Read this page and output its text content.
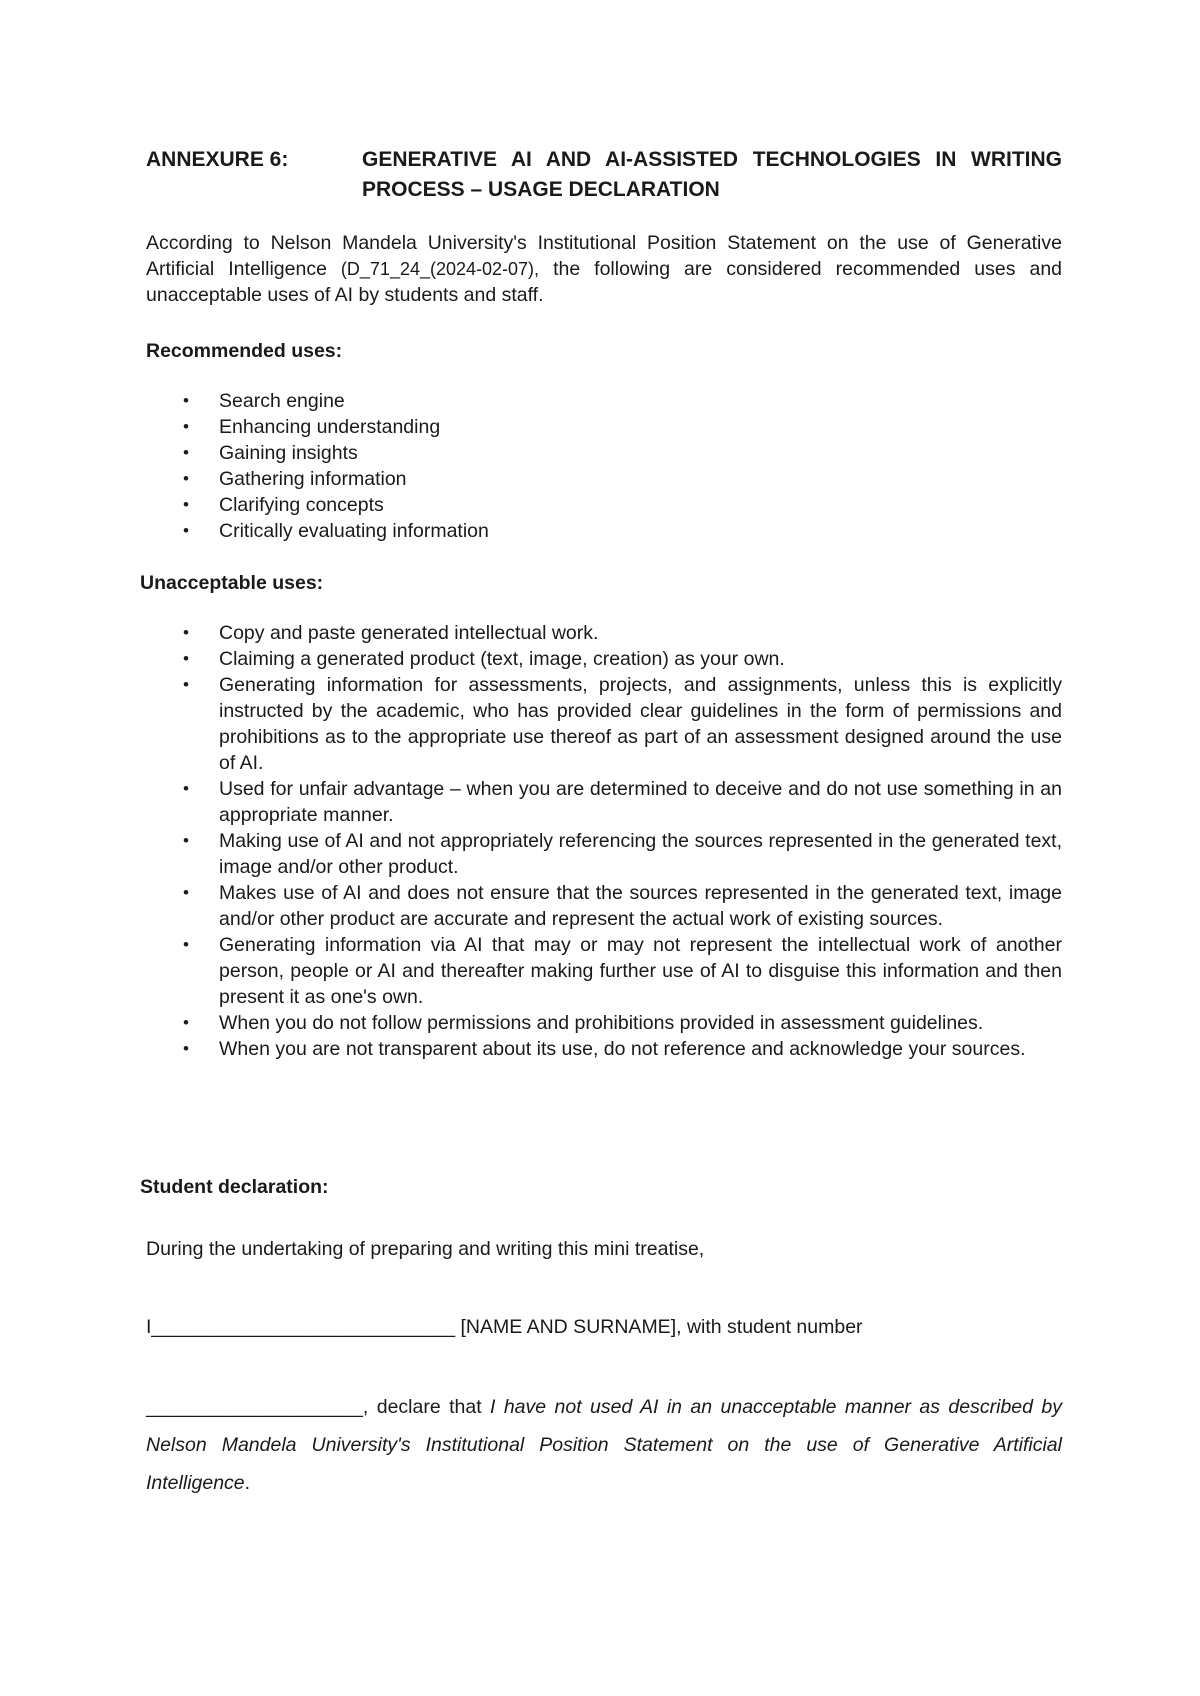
ANNEXURE 6:	GENERATIVE AI AND AI-ASSISTED TECHNOLOGIES IN WRITING PROCESS – USAGE DECLARATION

According to Nelson Mandela University's Institutional Position Statement on the use of Generative Artificial Intelligence (D_71_24_(2024-02-07), the following are considered recommended uses and unacceptable uses of AI by students and staff.

Recommended uses:

• Search engine
• Enhancing understanding
• Gaining insights
• Gathering information
• Clarifying concepts
• Critically evaluating information

Unacceptable uses:

• Copy and paste generated intellectual work.
• Claiming a generated product (text, image, creation) as your own.
• Generating information for assessments, projects, and assignments, unless this is explicitly instructed by the academic, who has provided clear guidelines in the form of permissions and prohibitions as to the appropriate use thereof as part of an assessment designed around the use of AI.
• Used for unfair advantage – when you are determined to deceive and do not use something in an appropriate manner.
• Making use of AI and not appropriately referencing the sources represented in the generated text, image and/or other product.
• Makes use of AI and does not ensure that the sources represented in the generated text, image and/or other product are accurate and represent the actual work of existing sources.
• Generating information via AI that may or may not represent the intellectual work of another person, people or AI and thereafter making further use of AI to disguise this information and then present it as one's own.
• When you do not follow permissions and prohibitions provided in assessment guidelines.
• When you are not transparent about its use, do not reference and acknowledge your sources.

Student declaration:

During the undertaking of preparing and writing this mini treatise,

I____________________________ [NAME AND SURNAME], with student number

____________________, declare that I have not used AI in an unacceptable manner as described by Nelson Mandela University's Institutional Position Statement on the use of Generative Artificial Intelligence.
